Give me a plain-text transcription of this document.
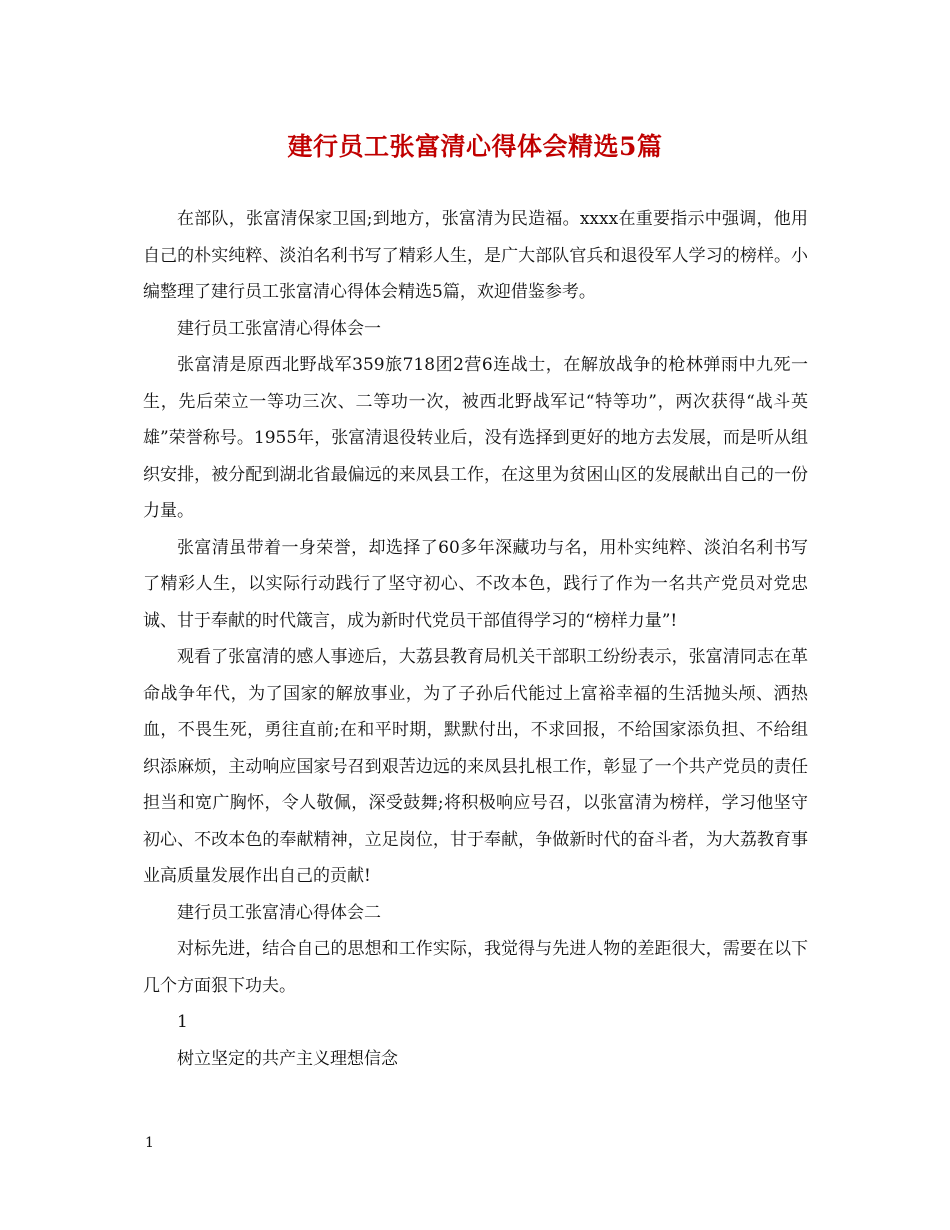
建行员工张富清心得体会精选5篇

在部队，张富清保家卫国;到地方，张富清为民造福。xxxx在重要指示中强调，他用自己的朴实纯粹、淡泊名利书写了精彩人生，是广大部队官兵和退役军人学习的榜样。小编整理了建行员工张富清心得体会精选5篇，欢迎借鉴参考。

建行员工张富清心得体会一

张富清是原西北野战军359旅718团2营6连战士，在解放战争的枪林弹雨中九死一生，先后荣立一等功三次、二等功一次，被西北野战军记“特等功”，两次获得“战斗英雄”荣誉称号。1955年，张富清退役转业后，没有选择到更好的地方去发展，而是听从组织安排，被分配到湖北省最偏远的来凤县工作，在这里为贫困山区的发展献出自己的一份力量。

张富清虽带着一身荣誉，却选择了60多年深藏功与名，用朴实纯粹、淡泊名利书写了精彩人生，以实际行动践行了坚守初心、不改本色，践行了作为一名共产党员对党忠诚、甘于奉献的时代箴言，成为新时代党员干部值得学习的“榜样力量”!

观看了张富清的感人事迹后，大荔县教育局机关干部职工纷纷表示，张富清同志在革命战争年代，为了国家的解放事业，为了子孙后代能过上富裕幸福的生活抛头颅、洒热血，不畏生死，勇往直前;在和平时期，默默付出，不求回报，不给国家添负担、不给组织添麻烦，主动响应国家号召到艰苦边远的来凤县扎根工作，彰显了一个共产党员的责任担当和宽广胸怀，令人敬佩，深受鼓舞;将积极响应号召，以张富清为榜样，学习他坚守初心、不改本色的奉献精神，立足岗位，甘于奉献，争做新时代的奋斗者，为大荔教育事业高质量发展作出自己的贡献!

建行员工张富清心得体会二

对标先进，结合自己的思想和工作实际，我觉得与先进人物的差距很大，需要在以下几个方面狠下功夫。

1

树立坚定的共产主义理想信念

1
